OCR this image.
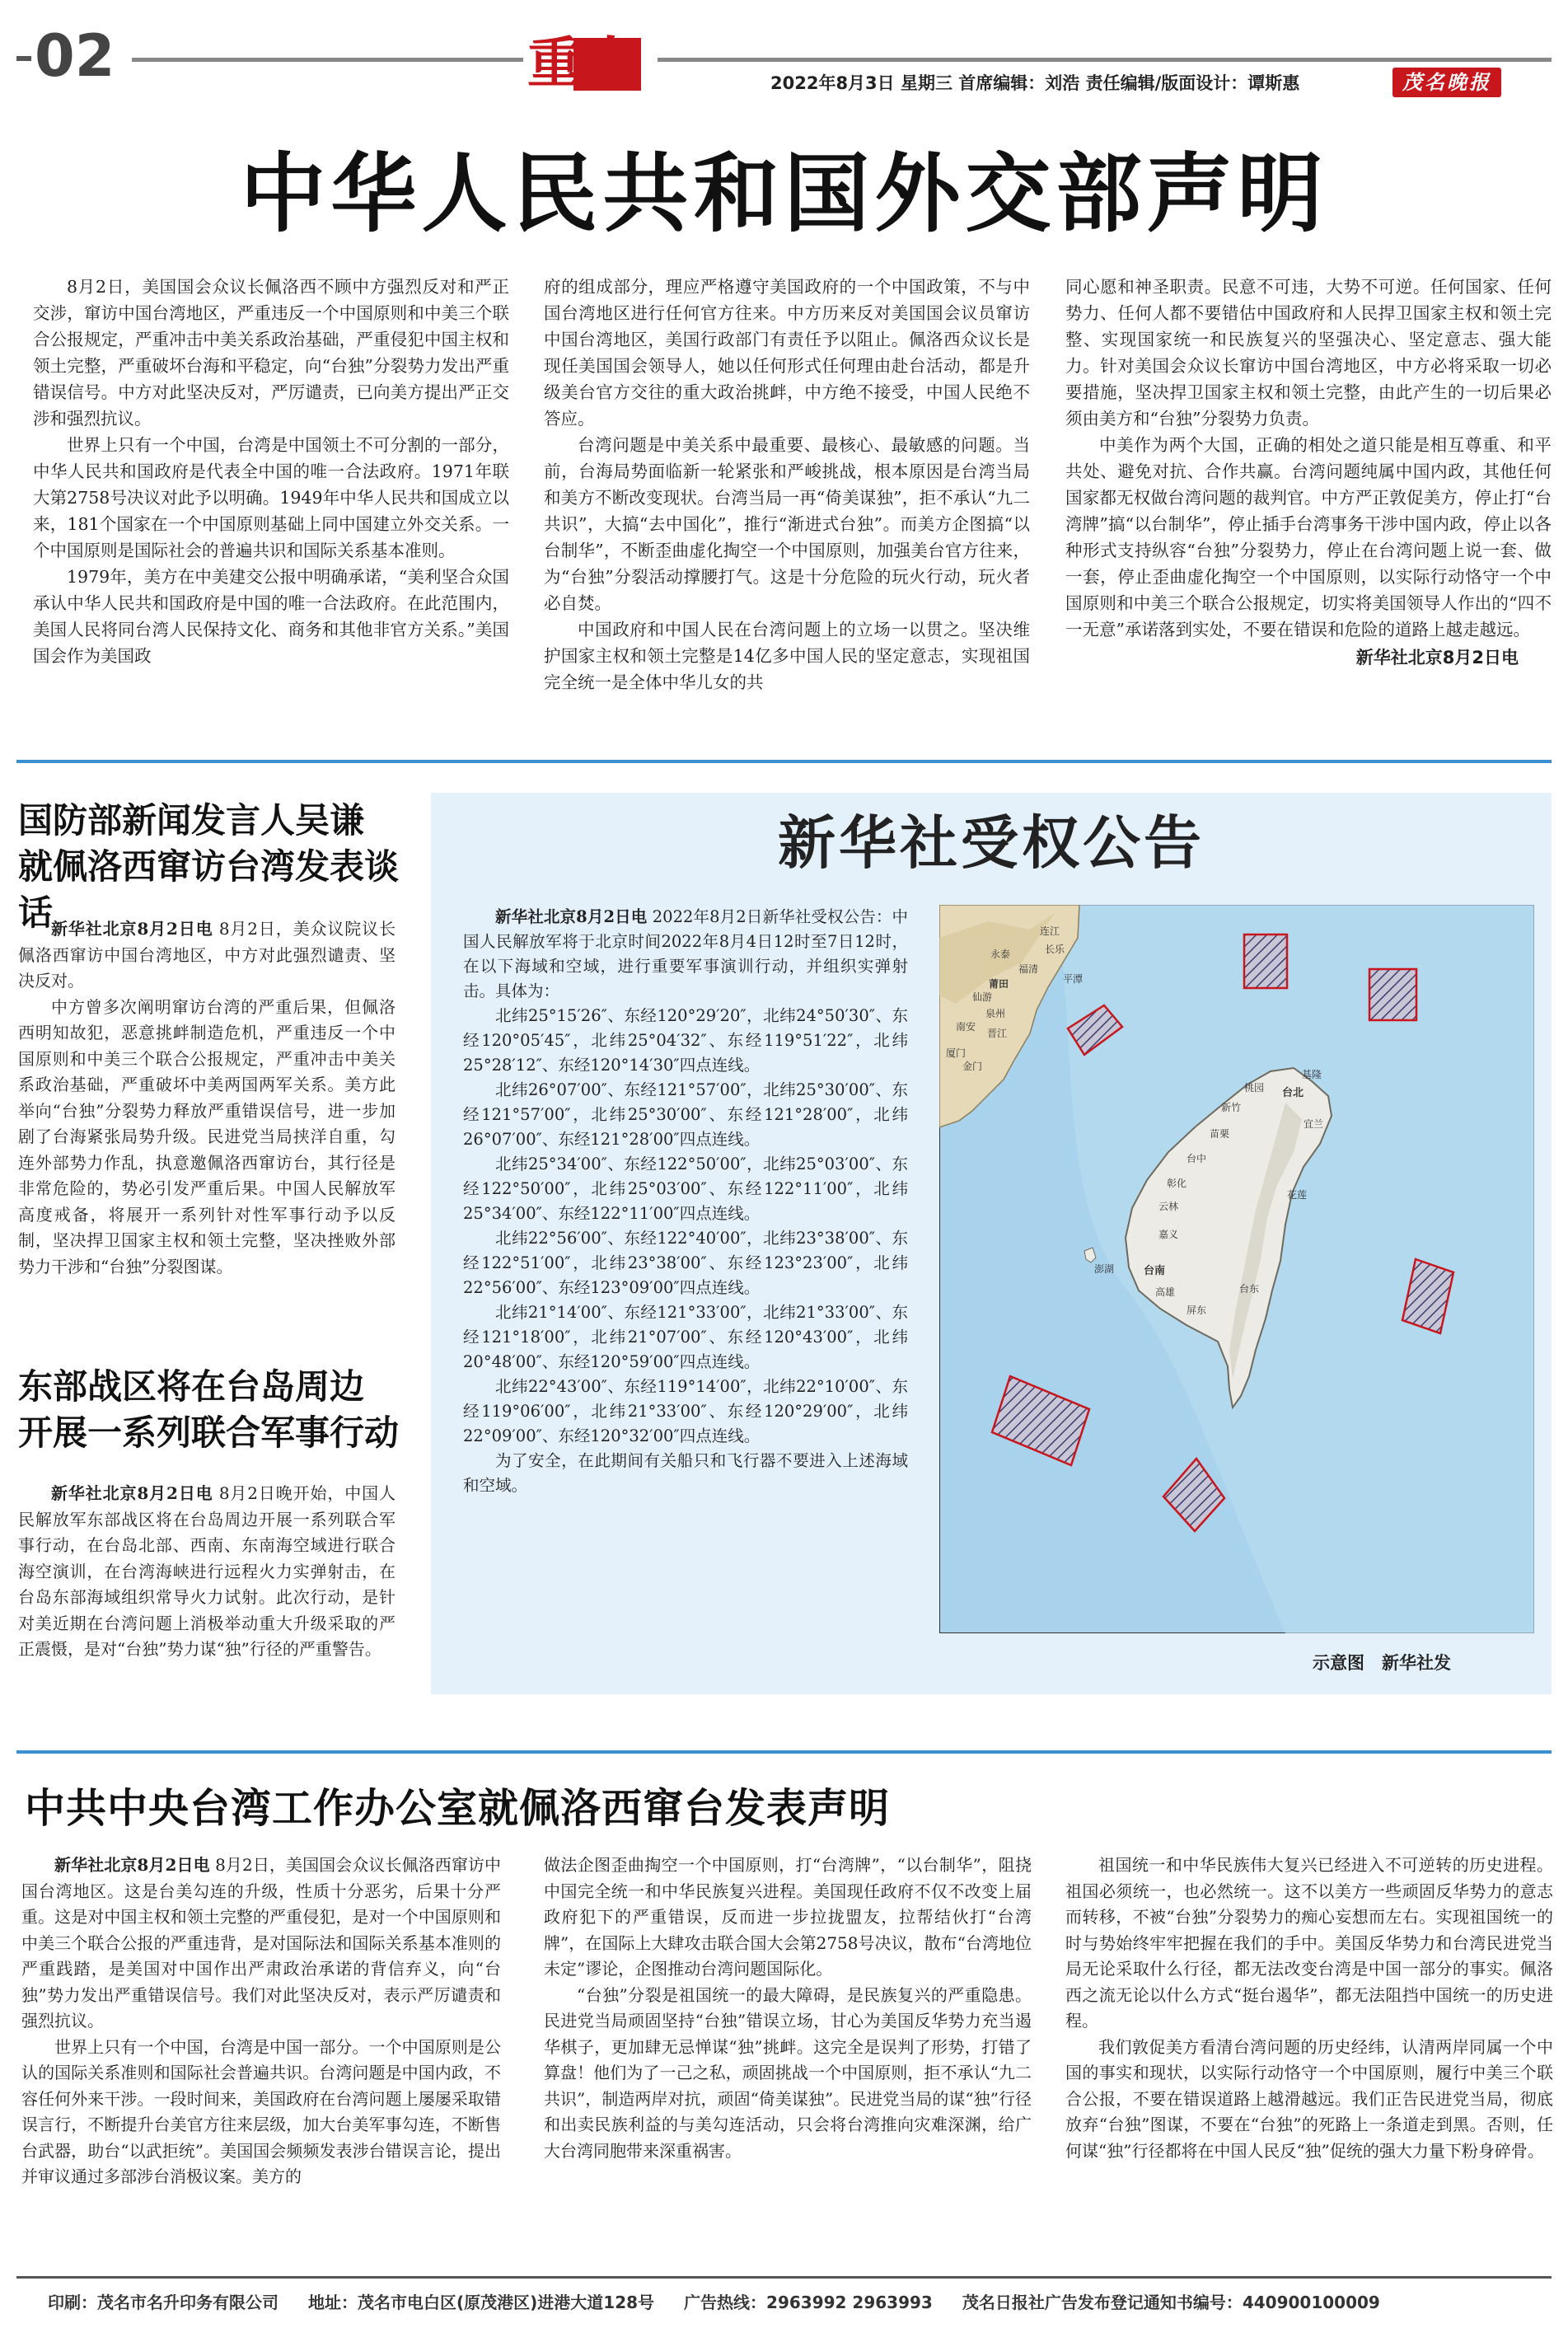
02	重点	2022年8月3日 星期三 首席编辑：刘浩 责任编辑/版面设计：谭斯惠	茂名晚报
中华人民共和国外交部声明

8月2日，美国国会众议长佩洛西不顾中方强烈反对和严正交涉，窜访中国台湾地区，严重违反一个中国原则和中美三个联合公报规定，严重冲击中美关系政治基础，严重侵犯中国主权和领土完整，严重破坏台海和平稳定，向“台独”分裂势力发出严重错误信号。中方对此坚决反对，严厉谴责，已向美方提出严正交涉和强烈抗议。

世界上只有一个中国，台湾是中国领土不可分割的一部分，中华人民共和国政府是代表全中国的唯一合法政府。1971年联大第2758号决议对此予以明确。1949年中华人民共和国成立以来，181个国家在一个中国原则基础上同中国建立外交关系。一个中国原则是国际社会的普遍共识和国际关系基本准则。

1979年，美方在中美建交公报中明确承诺，“美利坚合众国承认中华人民共和国政府是中国的唯一合法政府。在此范围内，美国人民将同台湾人民保持文化、商务和其他非官方关系。”美国国会作为美国政

府的组成部分，理应严格遵守美国政府的一个中国政策，不与中国台湾地区进行任何官方往来。中方历来反对美国国会议员窜访中国台湾地区，美国行政部门有责任予以阻止。佩洛西众议长是现任美国国会领导人，她以任何形式任何理由赴台活动，都是升级美台官方交往的重大政治挑衅，中方绝不接受，中国人民绝不答应。

台湾问题是中美关系中最重要、最核心、最敏感的问题。当前，台海局势面临新一轮紧张和严峻挑战，根本原因是台湾当局和美方不断改变现状。台湾当局一再“倚美谋独”，拒不承认“九二共识”，大搞“去中国化”，推行“渐进式台独”。而美方企图搞“以台制华”，不断歪曲虚化掏空一个中国原则，加强美台官方往来，为“台独”分裂活动撑腰打气。这是十分危险的玩火行动，玩火者必自焚。

中国政府和中国人民在台湾问题上的立场一以贯之。坚决维护国家主权和领土完整是14亿多中国人民的坚定意志，实现祖国完全统一是全体中华儿女的共

同心愿和神圣职责。民意不可违，大势不可逆。任何国家、任何势力、任何人都不要错估中国政府和人民捍卫国家主权和领土完整、实现国家统一和民族复兴的坚强决心、坚定意志、强大能力。针对美国会众议长窜访中国台湾地区，中方必将采取一切必要措施，坚决捍卫国家主权和领土完整，由此产生的一切后果必须由美方和“台独”分裂势力负责。

中美作为两个大国，正确的相处之道只能是相互尊重、和平共处、避免对抗、合作共赢。台湾问题纯属中国内政，其他任何国家都无权做台湾问题的裁判官。中方严正敦促美方，停止打“台湾牌”搞“以台制华”，停止插手台湾事务干涉中国内政，停止以各种形式支持纵容“台独”分裂势力，停止在台湾问题上说一套、做一套，停止歪曲虚化掏空一个中国原则，以实际行动恪守一个中国原则和中美三个联合公报规定，切实将美国领导人作出的“四不一无意”承诺落到实处，不要在错误和危险的道路上越走越远。

新华社北京8月2日电
国防部新闻发言人吴谦
就佩洛西窜访台湾发表谈话

新华社北京8月2日电 8月2日，美众议院议长佩洛西窜访中国台湾地区，中方对此强烈谴责、坚决反对。

中方曾多次阐明窜访台湾的严重后果，但佩洛西明知故犯，恶意挑衅制造危机，严重违反一个中国原则和中美三个联合公报规定，严重冲击中美关系政治基础，严重破坏中美两国两军关系。美方此举向“台独”分裂势力释放严重错误信号，进一步加剧了台海紧张局势升级。民进党当局挟洋自重，勾连外部势力作乱，执意邀佩洛西窜访台，其行径是非常危险的，势必引发严重后果。中国人民解放军高度戒备，将展开一系列针对性军事行动予以反制，坚决捍卫国家主权和领土完整，坚决挫败外部势力干涉和“台独”分裂图谋。

东部战区将在台岛周边
开展一系列联合军事行动

新华社北京8月2日电 8月2日晚开始，中国人民解放军东部战区将在台岛周边开展一系列联合军事行动，在台岛北部、西南、东南海空域进行联合海空演训，在台湾海峡进行远程火力实弹射击，在台岛东部海域组织常导火力试射。此次行动，是针对美近期在台湾问题上消极举动重大升级采取的严正震慑，是对“台独”势力谋“独”行径的严重警告。

新华社受权公告

新华社北京8月2日电 2022年8月2日新华社受权公告：中国人民解放军将于北京时间2022年8月4日12时至7日12时，在以下海域和空域，进行重要军事演训行动，并组织实弹射击。具体为：

北纬25°15′26″、东经120°29′20″，北纬24°50′30″、东经120°05′45″，北纬25°04′32″、东经119°51′22″，北纬25°28′12″、东经120°14′30″四点连线。

北纬26°07′00″、东经121°57′00″，北纬25°30′00″、东经121°57′00″，北纬25°30′00″、东经121°28′00″，北纬26°07′00″、东经121°28′00″四点连线。

北纬25°34′00″、东经122°50′00″，北纬25°03′00″、东经122°50′00″，北纬25°03′00″、东经122°11′00″，北纬25°34′00″、东经122°11′00″四点连线。

北纬22°56′00″、东经122°40′00″，北纬23°38′00″、东经122°51′00″，北纬23°38′00″、东经123°23′00″，北纬22°56′00″、东经123°09′00″四点连线。

北纬21°14′00″、东经121°33′00″，北纬21°33′00″、东经121°18′00″，北纬21°07′00″、东经120°43′00″，北纬20°48′00″、东经120°59′00″四点连线。

北纬22°43′00″、东经119°14′00″，北纬22°10′00″、东经119°06′00″，北纬21°33′00″、东经120°29′00″，北纬22°09′00″、东经120°32′00″四点连线。

为了安全，在此期间有关船只和飞行器不要进入上述海域和空域。

连江
长乐
永泰
福清
平潭
莆田
仙游
泉州
南安
晋江
厦门
金门
基隆
台北
桃园
新竹
宜兰
苗栗
台中
彰化
花莲
云林
嘉义
澎湖	台南
台东
高雄
屏东
示意图　新华社发
中共中央台湾工作办公室就佩洛西窜台发表声明

新华社北京8月2日电 8月2日，美国国会众议长佩洛西窜访中国台湾地区。这是台美勾连的升级，性质十分恶劣，后果十分严重。这是对中国主权和领土完整的严重侵犯，是对一个中国原则和中美三个联合公报的严重违背，是对国际法和国际关系基本准则的严重践踏，是美国对中国作出严肃政治承诺的背信弃义，向“台独”势力发出严重错误信号。我们对此坚决反对，表示严厉谴责和强烈抗议。

世界上只有一个中国，台湾是中国一部分。一个中国原则是公认的国际关系准则和国际社会普遍共识。台湾问题是中国内政，不容任何外来干涉。一段时间来，美国政府在台湾问题上屡屡采取错误言行，不断提升台美官方往来层级，加大台美军事勾连，不断售台武器，助台“以武拒统”。美国国会频频发表涉台错误言论，提出并审议通过多部涉台消极议案。美方的

做法企图歪曲掏空一个中国原则，打“台湾牌”，“以台制华”，阻挠中国完全统一和中华民族复兴进程。美国现任政府不仅不改变上届政府犯下的严重错误，反而进一步拉拢盟友，拉帮结伙打“台湾牌”，在国际上大肆攻击联合国大会第2758号决议，散布“台湾地位未定”谬论，企图推动台湾问题国际化。

“台独”分裂是祖国统一的最大障碍，是民族复兴的严重隐患。民进党当局顽固坚持“台独”错误立场，甘心为美国反华势力充当遏华棋子，更加肆无忌惮谋“独”挑衅。这完全是误判了形势，打错了算盘！他们为了一己之私，顽固挑战一个中国原则，拒不承认“九二共识”，制造两岸对抗，顽固“倚美谋独”。民进党当局的谋“独”行径和出卖民族利益的与美勾连活动，只会将台湾推向灾难深渊，给广大台湾同胞带来深重祸害。

祖国统一和中华民族伟大复兴已经进入不可逆转的历史进程。祖国必须统一，也必然统一。这不以美方一些顽固反华势力的意志而转移，不被“台独”分裂势力的痴心妄想而左右。实现祖国统一的时与势始终牢牢把握在我们的手中。美国反华势力和台湾民进党当局无论采取什么行径，都无法改变台湾是中国一部分的事实。佩洛西之流无论以什么方式“挺台遏华”，都无法阻挡中国统一的历史进程。

我们敦促美方看清台湾问题的历史经纬，认清两岸同属一个中国的事实和现状，以实际行动恪守一个中国原则，履行中美三个联合公报，不要在错误道路上越滑越远。我们正告民进党当局，彻底放弃“台独”图谋，不要在“台独”的死路上一条道走到黑。否则，任何谋“独”行径都将在中国人民反“独”促统的强大力量下粉身碎骨。

印刷：茂名市名升印务有限公司 地址：茂名市电白区(原茂港区)进港大道128号 广告热线：2963992 2963993 茂名日报社广告发布登记通知书编号：440900100009
